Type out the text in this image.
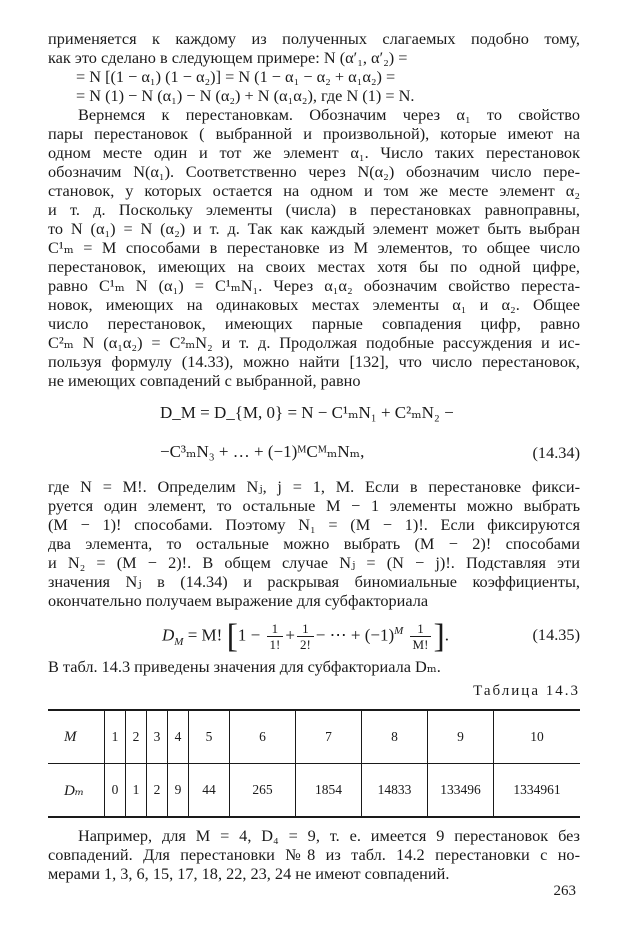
применяется к каждому из полученных слагаемых подобно тому,
как это сделано в следующем примере: N (α′₁, α′₂) =
= N [(1 − α₁) (1 − α₂)] = N (1 − α₁ − α₂ + α₁α₂) =
= N (1) − N (α₁) − N (α₂) + N (α₁α₂), где N (1) = N.
Вернемся к перестановкам. Обозначим через α₁ то свойство
пары перестановок ( выбранной и произвольной), которые имеют на
одном месте один и тот же элемент α₁. Число таких перестановок
обозначим N(α₁). Соответственно через N(α₂) обозначим число пере-
становок, у которых остается на одном и том же месте элемент α₂
и т. д. Поскольку элементы (числа) в перестановках равноправны,
то N (α₁) = N (α₂) и т. д. Так как каждый элемент может быть выбран
C¹ₘ = M способами в перестановке из M элементов, то общее число
перестановок, имеющих на своих местах хотя бы по одной цифре,
равно C¹ₘ N (α₁) = C¹ₘN₁. Через α₁α₂ обозначим свойство переста-
новок, имеющих на одинаковых местах элементы α₁ и α₂. Общее
число перестановок, имеющих парные совпадения цифр, равно
C²ₘ N (α₁α₂) = C²ₘN₂ и т. д. Продолжая подобные рассуждения и ис-
пользуя формулу (14.33), можно найти [132], что число перестановок,
не имеющих совпадений с выбранной, равно
D_M = D_{M, 0} = N − C¹ₘN₁ + C²ₘN₂ −
−C³ₘN₃ + … + (−1)ᴹCᴹₘNₘ,	(14.34)
где N = M!. Определим Nⱼ, j = 1, M. Если в перестановке фикси-
руется один элемент, то остальные M − 1 элементы можно выбрать
(M − 1)! способами. Поэтому N₁ = (M − 1)!. Если фиксируются
два элемента, то остальные можно выбрать (M − 2)! способами
и N₂ = (M − 2)!. В общем случае Nⱼ = (N − j)!. Подставляя эти
значения Nⱼ в (14.34) и раскрывая биномиальные коэффициенты,
окончательно получаем выражение для субфакториала
$D_M = M$! [$1 - \frac{1}{1!} + \frac{1}{2!}$ − ⋯ + $(-1)^M \frac{1}{M!}$ ].	(14.35)
В табл. 14.3 приведены значения для субфакториала Dₘ.
Таблица 14.3
M	1	2	3	4	5	6	7	8	9	10
Dₘ	0	1	2	9	44	265	1854	14833	133496	1334961
Например, для M = 4, D₄ = 9, т. е. имеется 9 перестановок без
совпадений. Для перестановки №8 из табл. 14.2 перестановки с но-
мерами 1, 3, 6, 15, 17, 18, 22, 23, 24 не имеют совпадений.
263
